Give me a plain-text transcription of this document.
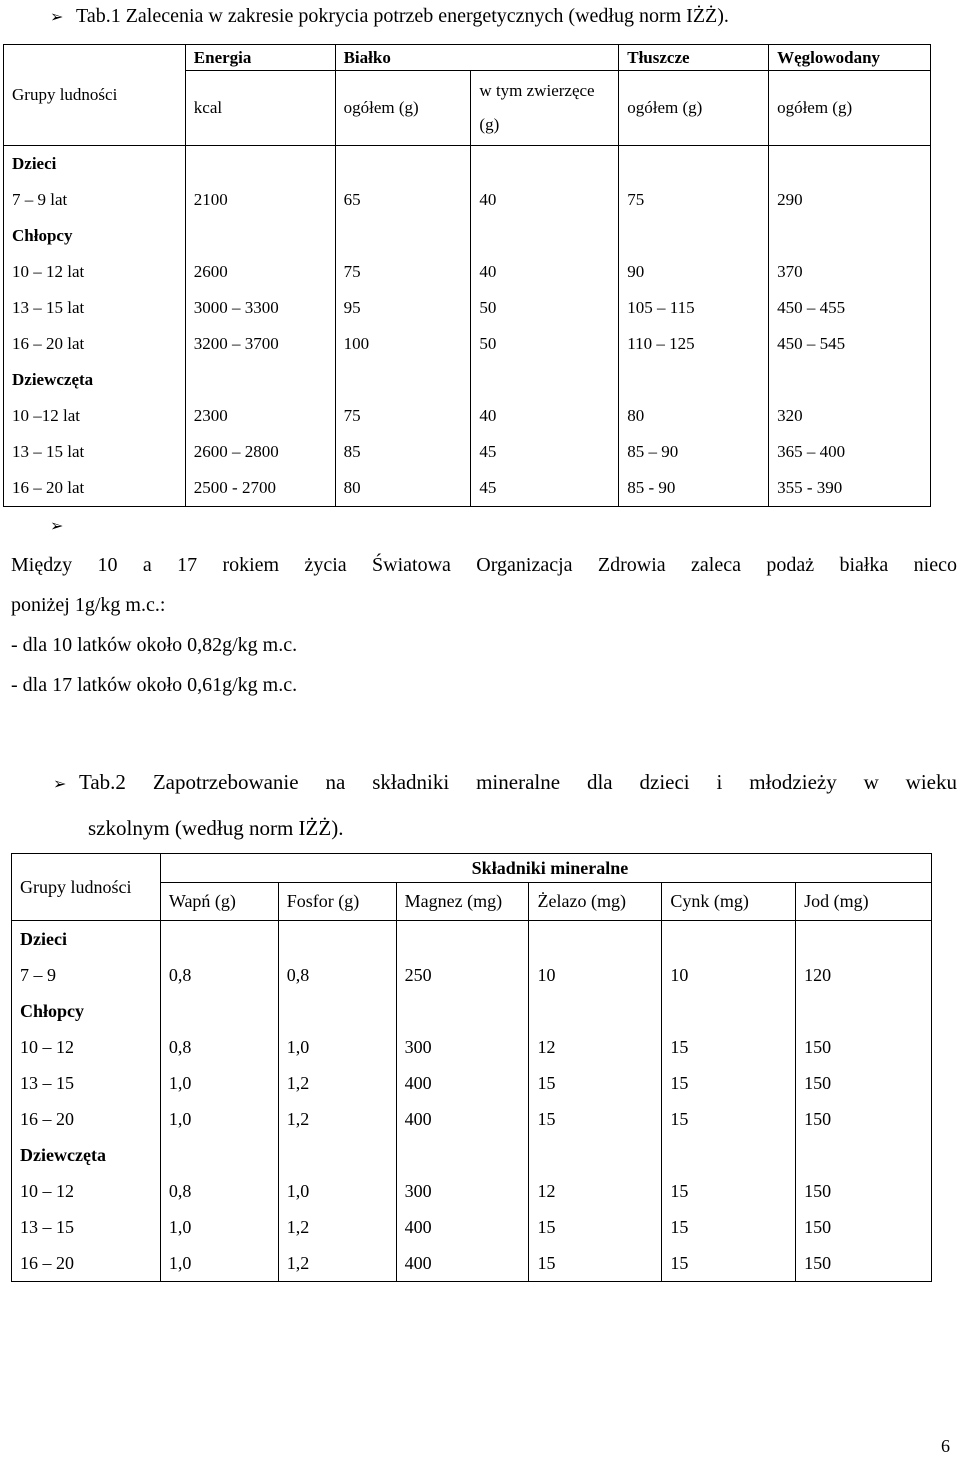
➢ Tab.1 Zalecenia w zakresie pokrycia potrzeb energetycznych (według norm IŻŻ).
Grupy ludności	Energia	Białko		Tłuszcze	Węglowodany
	kcal	ogółem (g)	w tym zwierzęce (g)	ogółem (g)	ogółem (g)
Dzieci					
7 – 9 lat	2100	65	40	75	290
Chłopcy					
10 – 12 lat	2600	75	40	90	370
13 – 15 lat	3000 – 3300	95	50	105 – 115	450 – 455
16 – 20 lat	3200 – 3700	100	50	110 – 125	450 – 545
Dziewczęta					
10 –12 lat	2300	75	40	80	320
13 – 15 lat	2600 – 2800	85	45	85 – 90	365 – 400
16 – 20 lat	2500 - 2700	80	45	85 - 90	355 - 390
➢
Między 10 a 17 rokiem życia Światowa Organizacja Zdrowia zaleca podaż białka nieco
poniżej 1g/kg m.c.:
- dla 10 latków około 0,82g/kg m.c.
- dla 17 latków około 0,61g/kg m.c.
➢ Tab.2 Zapotrzebowanie na składniki mineralne dla dzieci i młodzieży w wieku
szkolnym (według norm IŻŻ).
Grupy ludności	Składniki mineralne					
	Wapń (g)	Fosfor (g)	Magnez (mg)	Żelazo (mg)	Cynk (mg)	Jod (mg)
Dzieci						
7 – 9	0,8	0,8	250	10	10	120
Chłopcy						
10 – 12	0,8	1,0	300	12	15	150
13 – 15	1,0	1,2	400	15	15	150
16 – 20	1,0	1,2	400	15	15	150
Dziewczęta						
10 – 12	0,8	1,0	300	12	15	150
13 – 15	1,0	1,2	400	15	15	150
16 – 20	1,0	1,2	400	15	15	150
6
